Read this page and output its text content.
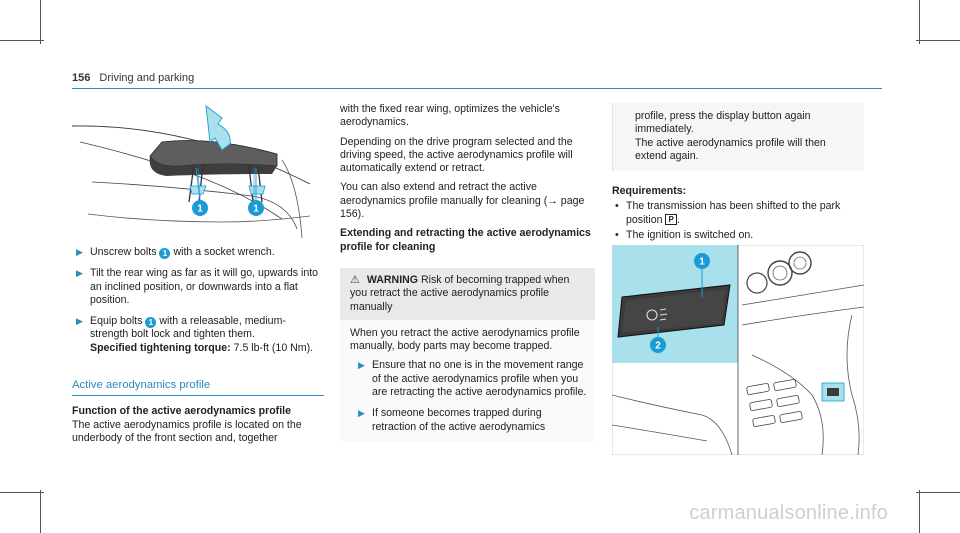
156 Driving and parking
1	1
▶ Unscrew bolts 1 with a socket wrench.
▶ Tilt the rear wing as far as it will go, upwards into an inclined position, or downwards into a flat position.
▶ Equip bolts 1 with a releasable, medium-strength bolt lock and tighten them.
Specified tightening torque: 7.5 lb-ft (10 Nm).
Active aerodynamics profile
Function of the active aerodynamics profile
The active aerodynamics profile is located on the underbody of the front section and, together
with the fixed rear wing, optimizes the vehicle's aerodynamics.
Depending on the drive program selected and the driving speed, the active aerodynamics profile will automatically extend or retract.
You can also extend and retract the active aerodynamics profile manually for cleaning (→ page 156).
Extending and retracting the active aerodynamics profile for cleaning
⚠ WARNING Risk of becoming trapped when you retract the active aerodynamics profile manually
When you retract the active aerodynamics profile manually, body parts may become trapped.
▶ Ensure that no one is in the movement range of the active aerodynamics profile when you are retracting the active aerodynamics profile.
▶ If someone becomes trapped during retraction of the active aerodynamics
profile, press the display button again immediately.
The active aerodynamics profile will then extend again.
Requirements:
• The transmission has been shifted to the park position P .
• The ignition is switched on.
1
2
carmanualsonline.info
